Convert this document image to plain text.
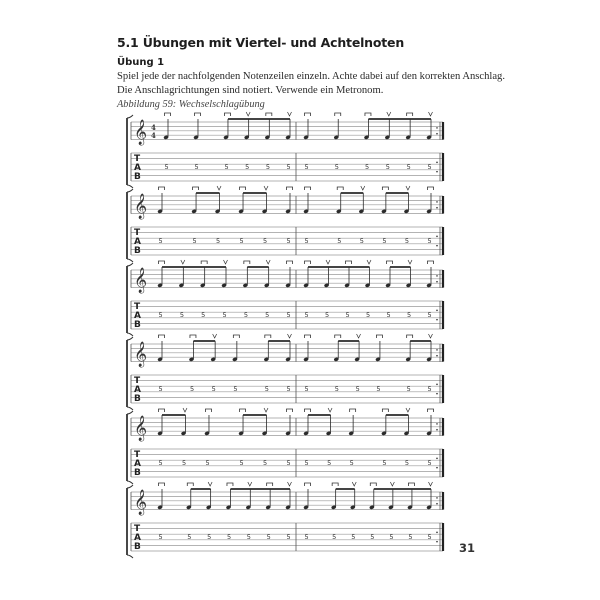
5.1 Übungen mit Viertel- und Achtelnoten
Übung 1
Spiel jede der nachfolgenden Notenzeilen einzeln. Achte dabei auf den korrekten Anschlag.
Die Anschlagrichtungen sind notiert. Verwende ein Metronom.
Abbildung 59: Wechselschlagübung
𝄞
T
A
B
4
4
5	5	5	5	5	5 5	5	5	5	5	5
𝄞
T
A
B
5	5	5	5	5	5 5	5	5	5	5	5
𝄞
T
A
B
5	5	5	5	5	5	5 5	5	5	5	5	5	5
𝄞
T
A
B
5	5	5	5	5	5 5	5	5	5	5	5
𝄞
T
A
B
5	5	5	5	5	5 5	5	5	5	5	5
𝄞
T
A
B
5	5 5 5 5 5 5 5	5 5 5 5 5 5
31
